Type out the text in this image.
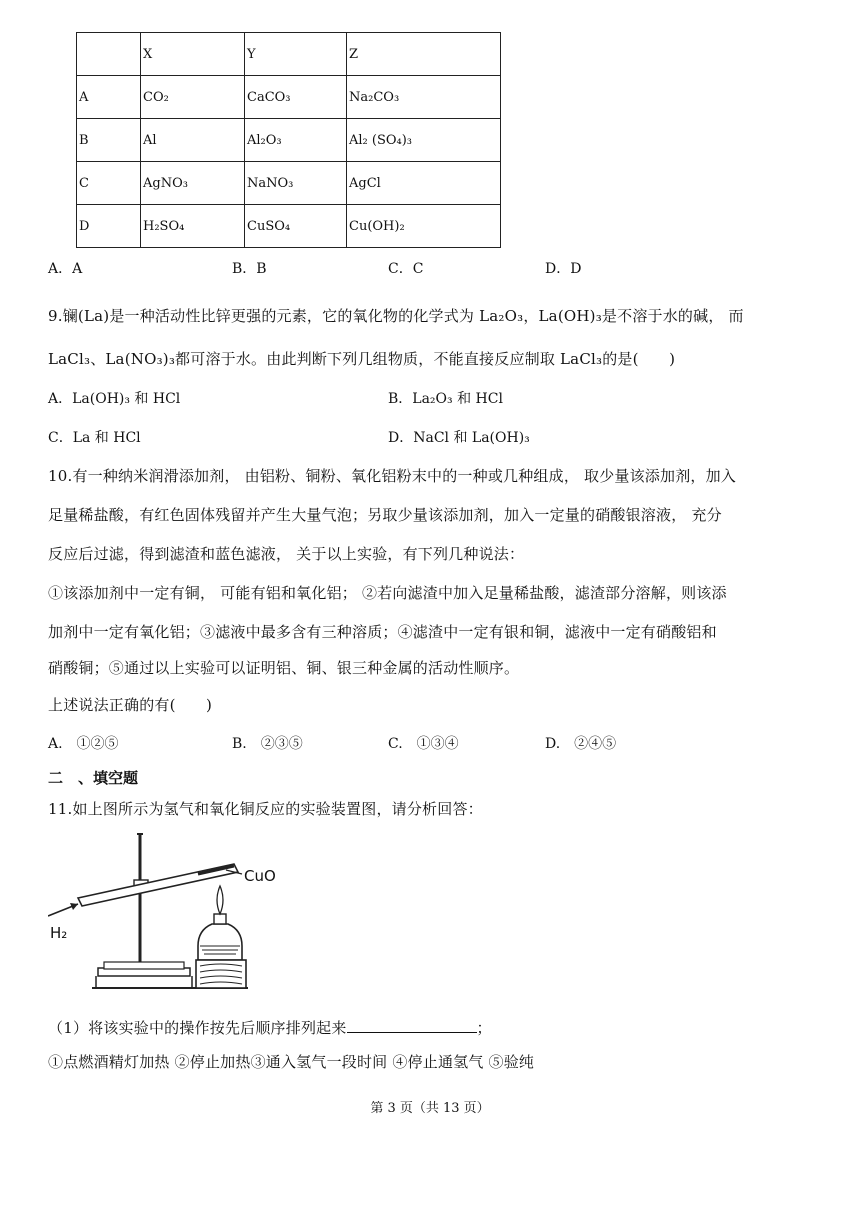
	X	Y	Z
A	CO₂	CaCO₃	Na₂CO₃
B	Al	Al₂O₃	Al₂ (SO₄)₃
C	AgNO₃	NaNO₃	AgCl
D	H₂SO₄	CuSO₄	Cu(OH)₂
A．A	B．B	C．C	D．D
9.镧(La)是一种活动性比锌更强的元素，它的氧化物的化学式为 La₂O₃，La(OH)₃是不溶于水的碱， 而
LaCl₃、La(NO₃)₃都可溶于水。由此判断下列几组物质，不能直接反应制取 LaCl₃的是(　　)
A．La(OH)₃ 和 HCl	B．La₂O₃ 和 HCl
C．La 和 HCl	D．NaCl 和 La(OH)₃
10.有一种纳米润滑添加剂， 由铝粉、铜粉、氧化铝粉末中的一种或几种组成， 取少量该添加剂，加入
足量稀盐酸，有红色固体残留并产生大量气泡；另取少量该添加剂，加入一定量的硝酸银溶液， 充分
反应后过滤，得到滤渣和蓝色滤液， 关于以上实验，有下列几种说法：
①该添加剂中一定有铜， 可能有铝和氧化铝； ②若向滤渣中加入足量稀盐酸，滤渣部分溶解，则该添
加剂中一定有氧化铝；③滤液中最多含有三种溶质；④滤渣中一定有银和铜，滤液中一定有硝酸铝和
硝酸铜；⑤通过以上实验可以证明铝、铜、银三种金属的活动性顺序。
上述说法正确的有(　　)
A.　①②⑤	B.　②③⑤	C.　①③④	D.　②④⑤
二　、填空题
11.如上图所示为氢气和氧化铜反应的实验装置图，请分析回答：
CuO
H₂
（1）将该实验中的操作按先后顺序排列起来	；
①点燃酒精灯加热 ②停止加热③通入氢气一段时间 ④停止通氢气 ⑤验纯
第 3 页（共 13 页）
